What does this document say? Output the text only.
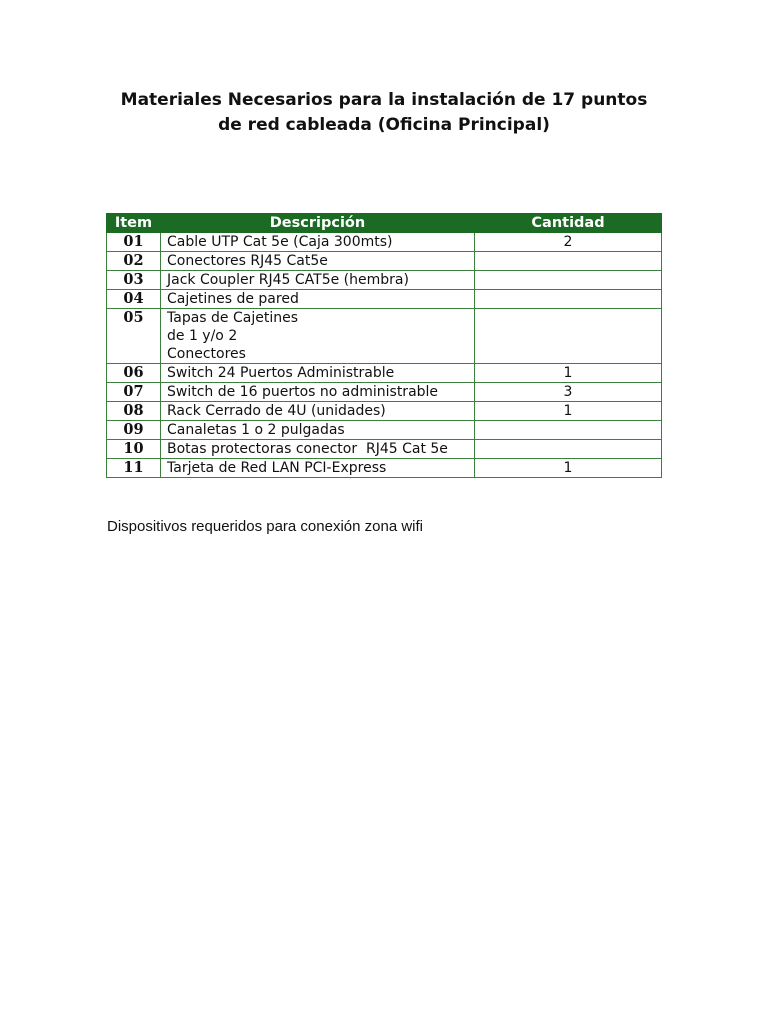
Materiales Necesarios para la instalación de 17 puntos
de red cableada (Oficina Principal)
Item	Descripción	Cantidad
01	Cable UTP Cat 5e (Caja 300mts)	2
02	Conectores RJ45 Cat5e	
03	Jack Coupler RJ45 CAT5e (hembra)	
04	Cajetines de pared	
05	Tapas de Cajetines de 1 y/o 2 Conectores	
06	Switch 24 Puertos Administrable	1
07	Switch de 16 puertos no administrable	3
08	Rack Cerrado de 4U (unidades)	1
09	Canaletas 1 o 2 pulgadas	
10	Botas protectoras conector  RJ45 Cat 5e	
11	Tarjeta de Red LAN PCI-Express	1
Dispositivos requeridos para conexión zona wifi
